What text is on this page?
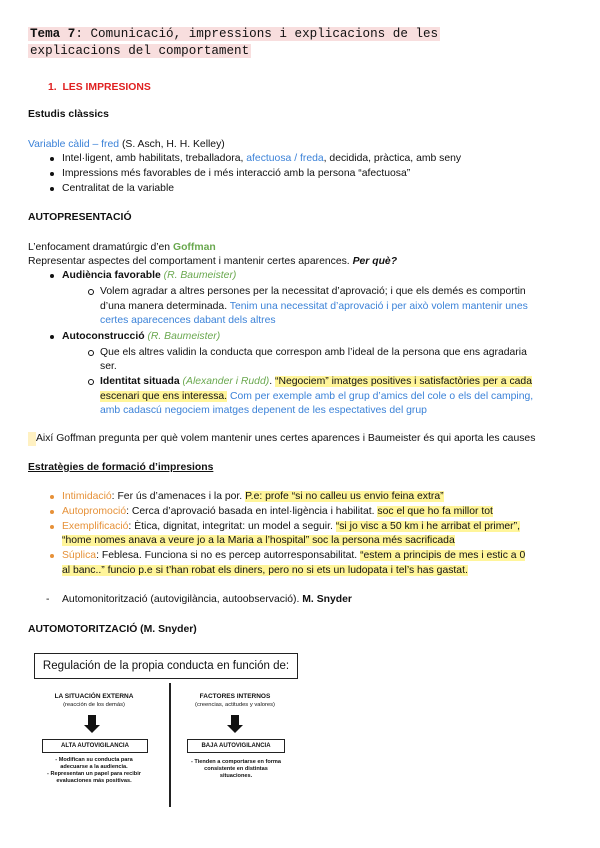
Tema 7: Comunicació, impressions i explicacions de les
explicacions del comportament
1. LES IMPRESIONS
Estudis clàssics
Variable càlid – fred (S. Asch, H. H. Kelley)
Intel·ligent, amb habilitats, treballadora, afectuosa / freda, decidida, pràctica, amb seny
Impressions més favorables de i més interacció amb la persona “afectuosa”
Centralitat de la variable
AUTOPRESENTACIÓ
L’enfocament dramatúrgic d’en Goffman
Representar aspectes del comportament i mantenir certes aparences. Per què?
Audiència favorable (R. Baumeister)
Volem agradar a altres persones per la necessitat d’aprovació; i que els demés es comportin
d’una manera determinada. Tenim una necessitat d’aprovació i per això volem mantenir unes
certes aparecences dabant dels altres
Autoconstrucció (R. Baumeister)
Que els altres validin la conducta que correspon amb l’ideal de la persona que ens agradaria
ser.
Identitat situada (Alexander i Rudd). “Negociem” imatges positives i satisfactòries per a cada
escenari que ens interessa. Com per exemple amb el grup d’amics del cole o els del camping,
amb cadascú negociem imatges depenent de les espectatives del grup
Així Goffman pregunta per què volem mantenir unes certes aparences i Baumeister és qui aporta les causes
Estratègies de formació d’impresions
Intimidació: Fer ús d’amenaces i la por. P.e: profe “si no calleu us envio feina extra”
Autopromoció: Cerca d’aprovació basada en intel·ligència i habilitat. soc el que ho fa millor tot
Exemplificació: Ètica, dignitat, integritat: un model a seguir. “si jo visc a 50 km i he arribat el primer”,
“home nomes anava a veure jo a la Maria a l’hospital” soc la persona més sacrificada
Súplica: Feblesa. Funciona si no es percep autorresponsabilitat. “estem a principis de mes i estic a 0
al banc..” funcio p.e si t’han robat els diners, pero no si ets un ludopata i tel’s has gastat.
- Automonitorització (autovigilància, autoobservació). M. Snyder
AUTOMOTORITZACIÓ (M. Snyder)
Regulación de la propia conducta en función de:
LA SITUACIÓN EXTERNA
(reacción de los demás)
ALTA AUTOVIGILANCIA
- Modifican su conducta para adecuarse a la audiencia.
- Representan un papel para recibir evaluaciones más positivas.
FACTORES INTERNOS
(creencias, actitudes y valores)
BAJA AUTOVIGILANCIA
- Tienden a comportarse en forma consistente en distintas situaciones.
